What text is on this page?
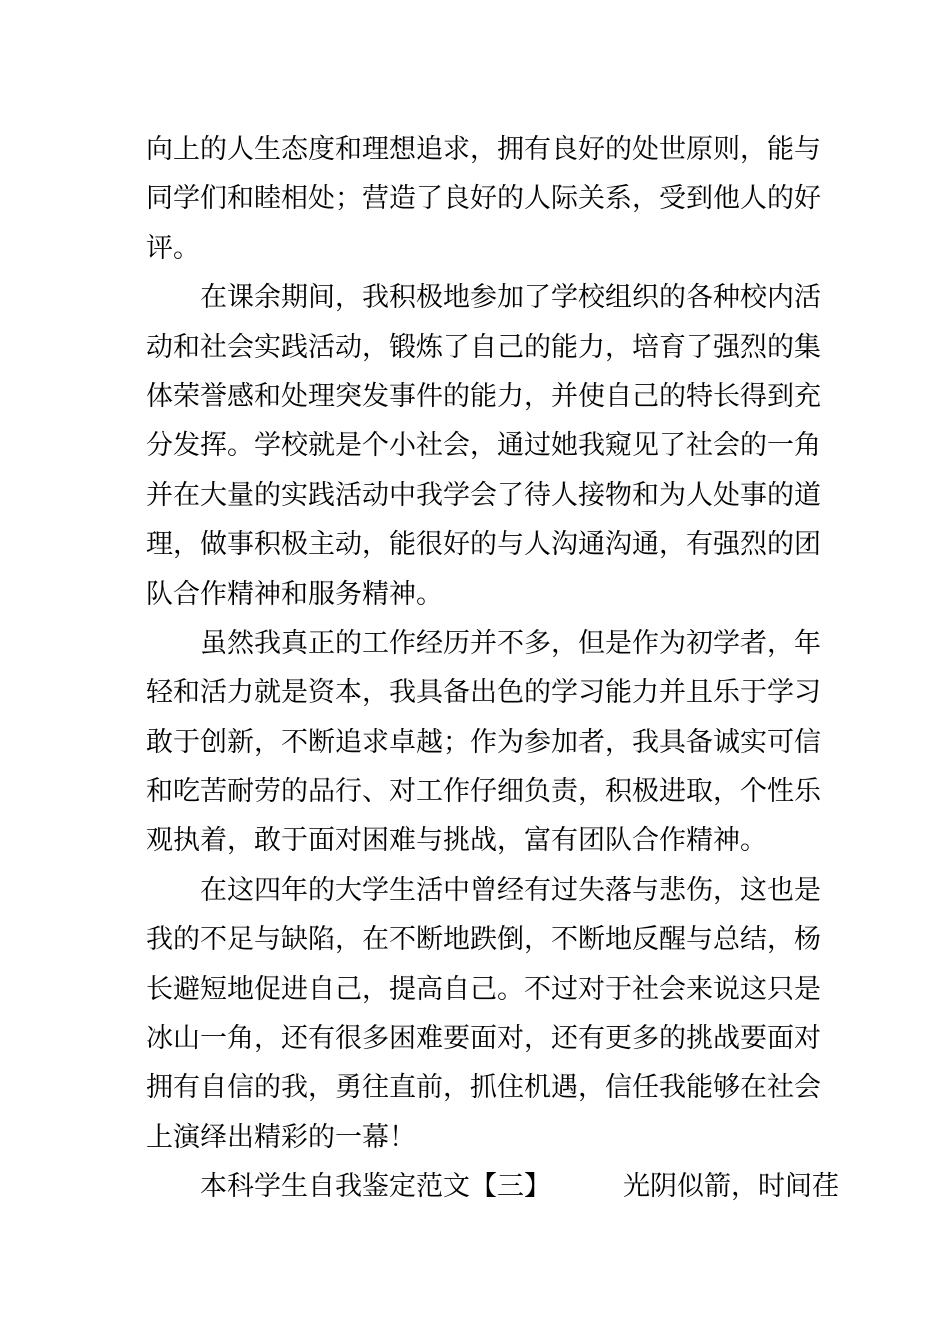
向上的人生态度和理想追求，拥有良好的处世原则，能与
同学们和睦相处；营造了良好的人际关系，受到他人的好
评。
在课余期间，我积极地参加了学校组织的各种校内活
动和社会实践活动，锻炼了自己的能力，培育了强烈的集
体荣誉感和处理突发事件的能力，并使自己的特长得到充
分发挥。学校就是个小社会，通过她我窥见了社会的一角
并在大量的实践活动中我学会了待人接物和为人处事的道
理，做事积极主动，能很好的与人沟通沟通，有强烈的团
队合作精神和服务精神。
虽然我真正的工作经历并不多，但是作为初学者，年
轻和活力就是资本，我具备出色的学习能力并且乐于学习
敢于创新，不断追求卓越；作为参加者，我具备诚实可信
和吃苦耐劳的品行、对工作仔细负责，积极进取，个性乐
观执着，敢于面对困难与挑战，富有团队合作精神。
在这四年的大学生活中曾经有过失落与悲伤，这也是
我的不足与缺陷，在不断地跌倒，不断地反醒与总结，杨
长避短地促进自己，提高自己。不过对于社会来说这只是
冰山一角，还有很多困难要面对，还有更多的挑战要面对
拥有自信的我，勇往直前，抓住机遇，信任我能够在社会
上演绎出精彩的一幕！
本科学生自我鉴定范文【三】	光阴似箭，时间荏
